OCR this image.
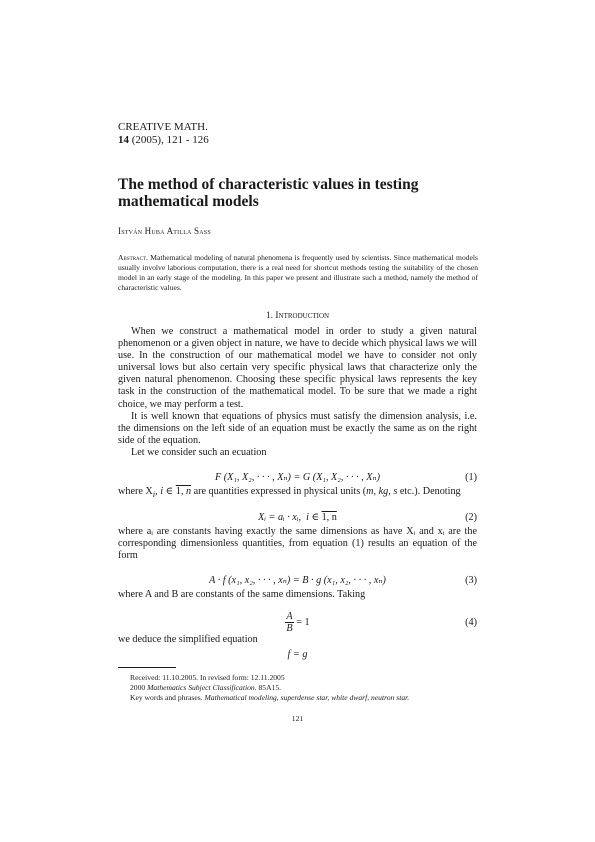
CREATIVE MATH.
14 (2005), 121 - 126
The method of characteristic values in testing
mathematical models
István Huba Atilla Sass
Abstract. Mathematical modeling of natural phenomena is frequently used by scientists. Since mathematical models usually involve laborious computation, there is a real need for shortcut methods testing the suitability of the chosen model in an early stage of the modeling. In this paper we present and illustrate such a method, namely the method of characteristic values.
1. Introduction
When we construct a mathematical model in order to study a given natural phenomenon or a given object in nature, we have to decide which physical laws we will use. In the construction of our mathematical model we have to consider not only universal lows but also certain very specific physical laws that characterize only the given natural phenomenon. Choosing these specific physical laws represents the key task in the construction of the mathematical model. To be sure that we made a right choice, we may perform a test.
It is well known that equations of physics must satisfy the dimension analysis, i.e. the dimensions on the left side of an equation must be exactly the same as on the right side of the equation.
Let we consider such an ecuation
F (X₁, X₂, · · · , Xₙ) = G (X₁, X₂, · · · , Xₙ)	(1)
where $X_i$, i ∈ 1, n are quantities expressed in physical units (m, kg, s etc.). Denoting
Xᵢ = aᵢ · xᵢ, i ∈ 1, n	(2)
where aᵢ are constants having exactly the same dimensions as have Xᵢ and xᵢ are the corresponding dimensionless quantities, from equation (1) results an equation of the form
A · f (x₁, x₂, · · · , xₙ) = B · g (x₁, x₂, · · · , xₙ)	(3)
where A and B are constants of the same dimensions. Taking
$\frac{A}{B} = 1$	(4)
we deduce the simplified equation
f = g
Received: 11.10.2005. In revised form: 12.11.2005
2000 Mathematics Subject Classification. 85A15.
Key words and phrases. Mathematical modeling, superdense star, white dwarf, neutron star.
121
